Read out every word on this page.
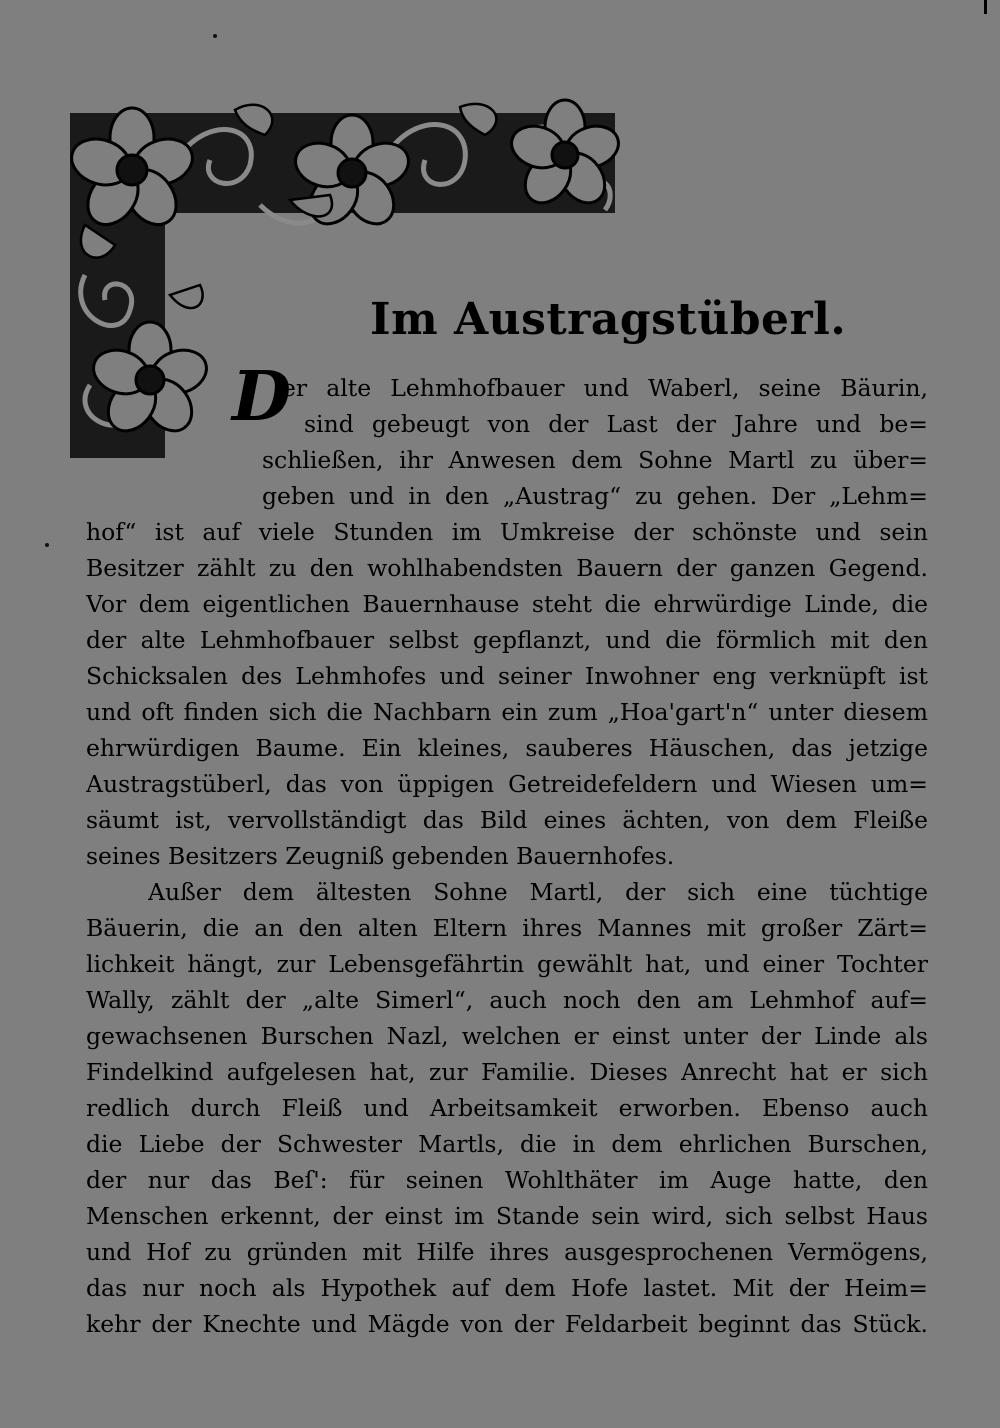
Im Austragstüberl.
D
er alte Lehmhofbauer und Waberl, seine Bäurin,
sind gebeugt von der Last der Jahre und be=
schließen, ihr Anwesen dem Sohne Martl zu über=
geben und in den „Austrag“ zu gehen. Der „Lehm=
hof“ ist auf viele Stunden im Umkreise der schönste und sein
Besitzer zählt zu den wohlhabendsten Bauern der ganzen Gegend.
Vor dem eigentlichen Bauernhause steht die ehrwürdige Linde, die
der alte Lehmhofbauer selbst gepflanzt, und die förmlich mit den
Schicksalen des Lehmhofes und seiner Inwohner eng verknüpft ist
und oft finden sich die Nachbarn ein zum „Hoa'gart'n“ unter diesem
ehrwürdigen Baume. Ein kleines, sauberes Häuschen, das jetzige
Austragstüberl, das von üppigen Getreidefeldern und Wiesen um=
säumt ist, vervollständigt das Bild eines ächten, von dem Fleiße
seines Besitzers Zeugniß gebenden Bauernhofes.
Außer dem ältesten Sohne Martl, der sich eine tüchtige
Bäuerin, die an den alten Eltern ihres Mannes mit großer Zärt=
lichkeit hängt, zur Lebensgefährtin gewählt hat, und einer Tochter
Wally, zählt der „alte Simerl“, auch noch den am Lehmhof auf=
gewachsenen Burschen Nazl, welchen er einst unter der Linde als
Findelkind aufgelesen hat, zur Familie. Dieses Anrecht hat er sich
redlich durch Fleiß und Arbeitsamkeit erworben. Ebenso auch
die Liebe der Schwester Martls, die in dem ehrlichen Burschen,
der nur das Beſ': für seinen Wohlthäter im Auge hatte, den
Menschen erkennt, der einst im Stande sein wird, sich selbst Haus
und Hof zu gründen mit Hilfe ihres ausgesprochenen Vermögens,
das nur noch als Hypothek auf dem Hofe lastet. Mit der Heim=
kehr der Knechte und Mägde von der Feldarbeit beginnt das Stück.
